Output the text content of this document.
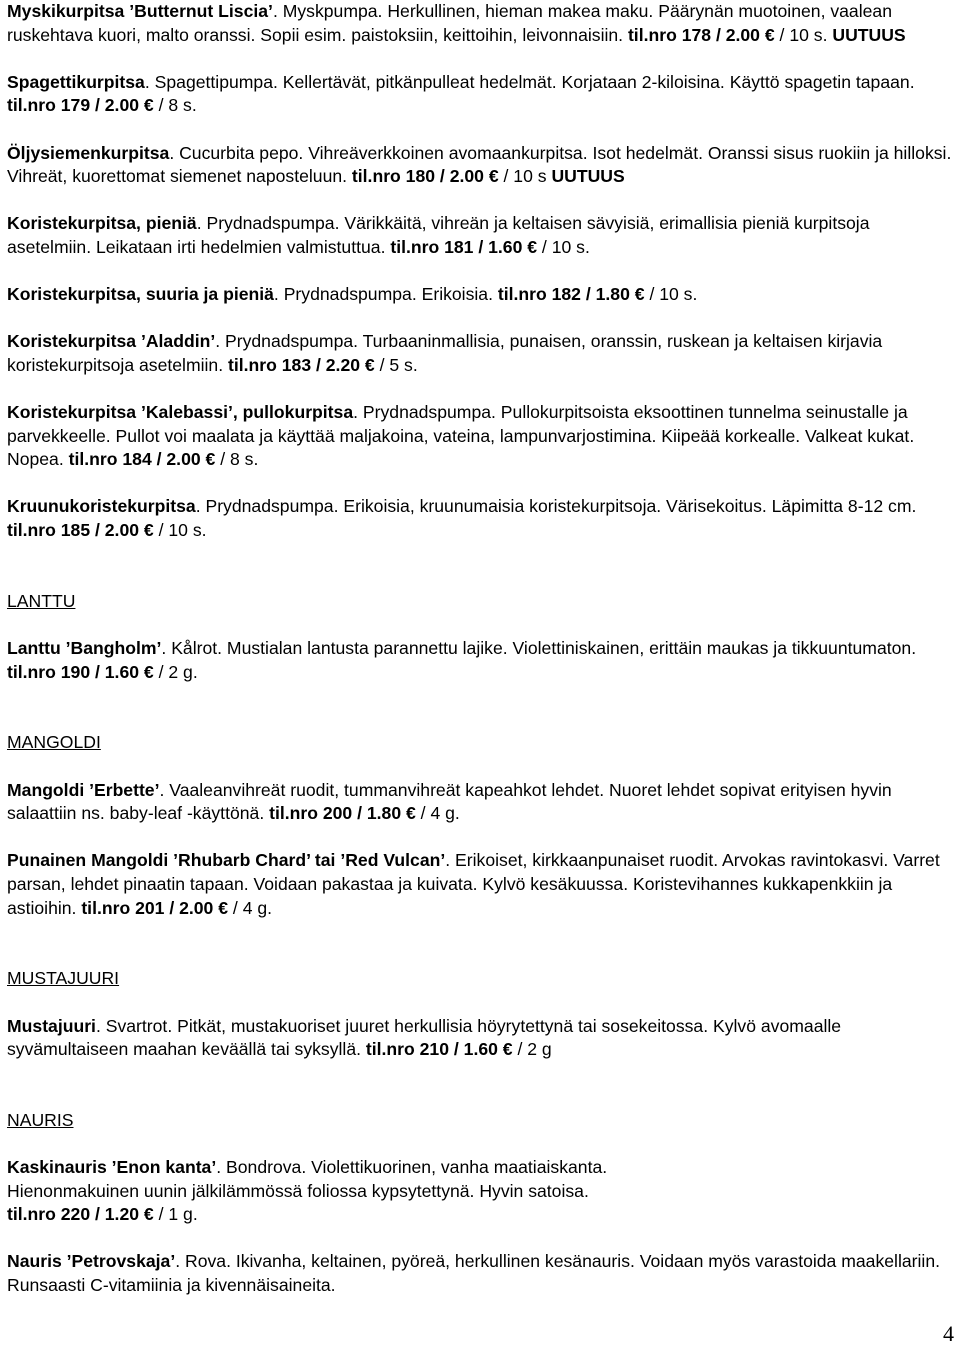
Myskikurpitsa ’Butternut Liscia’. Myskpumpa. Herkullinen, hieman makea maku. Päärynän muotoinen, vaalean ruskehtava kuori, malto oranssi. Sopii esim. paistoksiin, keittoihin, leivonnaisiin. til.nro 178 / 2.00 € / 10 s. UUTUUS

Spagettikurpitsa. Spagettipumpa. Kellertävät, pitkänpulleat hedelmät. Korjataan 2-kiloisina. Käyttö spagetin tapaan. til.nro 179 / 2.00 € / 8 s.

Öljysiemenkurpitsa. Cucurbita pepo. Vihreäverkkoinen avomaankurpitsa. Isot hedelmät. Oranssi sisus ruokiin ja hilloksi. Vihreät, kuorettomat siemenet naposteluun. til.nro 180 / 2.00 € / 10 s UUTUUS

Koristekurpitsa, pieniä. Prydnadspumpa. Värikkäitä, vihreän ja keltaisen sävyisiä, erimallisia pieniä kurpitsoja asetelmiin. Leikataan irti hedelmien valmistuttua. til.nro 181 / 1.60 € / 10 s.

Koristekurpitsa, suuria ja pieniä. Prydnadspumpa. Erikoisia. til.nro 182 / 1.80 € / 10 s.

Koristekurpitsa ’Aladdin’. Prydnadspumpa. Turbaaninmallisia, punaisen, oranssin, ruskean ja keltaisen kirjavia koristekurpitsoja asetelmiin. til.nro 183 / 2.20 € / 5 s.

Koristekurpitsa ’Kalebassi’, pullokurpitsa. Prydnadspumpa. Pullokurpitsoista eksoottinen tunnelma seinustalle ja parvekkeelle. Pullot voi maalata ja käyttää maljakoina, vateina, lampunvarjostimina. Kiipeää korkealle. Valkeat kukat. Nopea. til.nro 184 / 2.00 € / 8 s.

Kruunukoristekurpitsa. Prydnadspumpa. Erikoisia, kruunumaisia koristekurpitsoja. Värisekoitus. Läpimitta 8-12 cm. til.nro 185 / 2.00 € / 10 s.

LANTTU

Lanttu ’Bangholm’. Kålrot. Mustialan lantusta parannettu lajike. Violettiniskainen, erittäin maukas ja tikkuuntumaton. til.nro 190 / 1.60 € / 2 g.

MANGOLDI

Mangoldi ’Erbette’. Vaaleanvihreät ruodit, tummanvihreät kapeahkot lehdet. Nuoret lehdet sopivat erityisen hyvin salaattiin ns. baby-leaf -käyttönä. til.nro 200 / 1.80 € / 4 g.

Punainen Mangoldi ’Rhubarb Chard’ tai ’Red Vulcan’. Erikoiset, kirkkaanpunaiset ruodit. Arvokas ravintokasvi. Varret parsan, lehdet pinaatin tapaan. Voidaan pakastaa ja kuivata. Kylvö kesäkuussa. Koristevihannes kukkapenkkiin ja astioihin. til.nro 201 / 2.00 € / 4 g.

MUSTAJUURI

Mustajuuri. Svartrot. Pitkät, mustakuoriset juuret herkullisia höyrytettynä tai sosekeitossa. Kylvö avomaalle syvämultaiseen maahan keväällä tai syksyllä. til.nro 210 / 1.60 € / 2 g

NAURIS

Kaskinauris ’Enon kanta’. Bondrova. Violettikuorinen, vanha maatiaiskanta.
Hienonmakuinen uunin jälkilämmössä foliossa kypsytettynä. Hyvin satoisa.
til.nro 220 / 1.20 € / 1 g.

Nauris ’Petrovskaja’. Rova. Ikivanha, keltainen, pyöreä, herkullinen kesänauris. Voidaan myös varastoida maakellariin. Runsaasti C-vitamiinia ja kivennäisaineita.

4
